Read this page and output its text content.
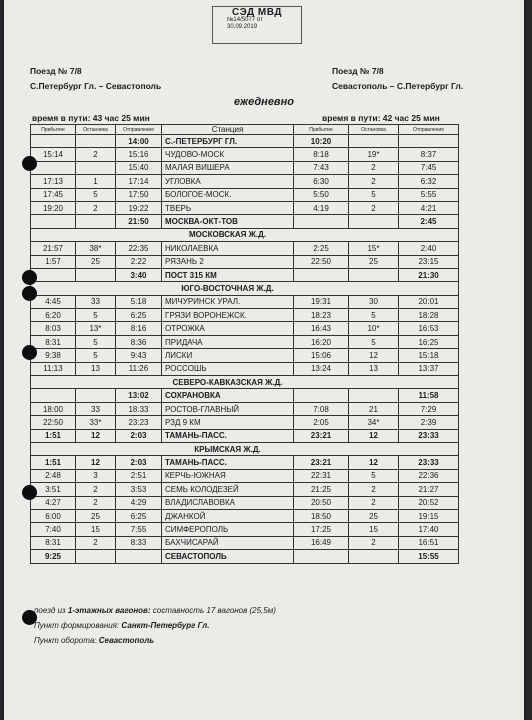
СЭД МВД
№14/5077 от
30.09.2019
Поезд № 7/8
С.Петербург Гл. – Севастополь
Поезд № 7/8
Севастополь – С.Петербург Гл.
ежедневно
время в пути: 43 час 25 мин	время в пути: 42 час 25 мин
Прибытие	Остановка	Отправление	Станция	Прибытие	Остановка	Отправление
		14:00	С.-ПЕТЕРБУРГ ГЛ.	10:20		
15:14	2	15:16	ЧУДОВО-МОСК	8:18	19*	8:37
		15:40	МАЛАЯ ВИШЕРА	7:43	2	7:45
17:13	1	17:14	УГЛОВКА	6:30	2	6:32
17:45	5	17:50	БОЛОГОЕ-МОСК.	5:50	5	5:55
19:20	2	19:22	ТВЕРЬ	4:19	2	4:21
		21:50	МОСКВА-ОКТ-ТОВ			2:45
			МОСКОВСКАЯ Ж.Д.			
21:57	38*	22:35	НИКОЛАЕВКА	2:25	15*	2:40
1:57	25	2:22	РЯЗАНЬ 2	22:50	25	23:15
		3:40	ПОСТ 315 КМ			21:30
			ЮГО-ВОСТОЧНАЯ Ж.Д.			
4:45	33	5:18	МИЧУРИНСК УРАЛ.	19:31	30	20:01
6:20	5	6:25	ГРЯЗИ ВОРОНЕЖСК.	18:23	5	18:28
8:03	13*	8:16	ОТРОЖКА	16:43	10*	16:53
8:31	5	8:36	ПРИДАЧА	16:20	5	16:25
9:38	5	9:43	ЛИСКИ	15:06	12	15:18
11:13	13	11:26	РОССОШЬ	13:24	13	13:37
			СЕВЕРО-КАВКАЗСКАЯ Ж.Д.			
		13:02	СОХРАНОВКА			11:58
18:00	33	18:33	РОСТОВ-ГЛАВНЫЙ	7:08	21	7:29
22:50	33*	23:23	РЗД 9 КМ	2:05	34*	2:39
1:51	12	2:03	ТАМАНЬ-ПАСС.	23:21	12	23:33
			КРЫМСКАЯ Ж.Д.			
1:51	12	2:03	ТАМАНЬ-ПАСС.	23:21	12	23:33
2:48	3	2:51	КЕРЧЬ-ЮЖНАЯ	22:31	5	22:36
3:51	2	3:53	СЕМЬ КОЛОДЕЗЕЙ	21:25	2	21:27
4:27	2	4:29	ВЛАДИСЛАВОВКА	20:50	2	20:52
6:00	25	6:25	ДЖАНКОЙ	18:50	25	19:15
7:40	15	7:55	СИМФЕРОПОЛЬ	17:25	15	17:40
8:31	2	8:33	БАХЧИСАРАЙ	16:49	2	16:51
9:25			СЕВАСТОПОЛЬ			15:55
поезд из 1-этажных вагонов: составность 17 вагонов (25,5м)
Пункт формирования: Санкт-Петербург Гл.
Пункт оборота: Севастополь
